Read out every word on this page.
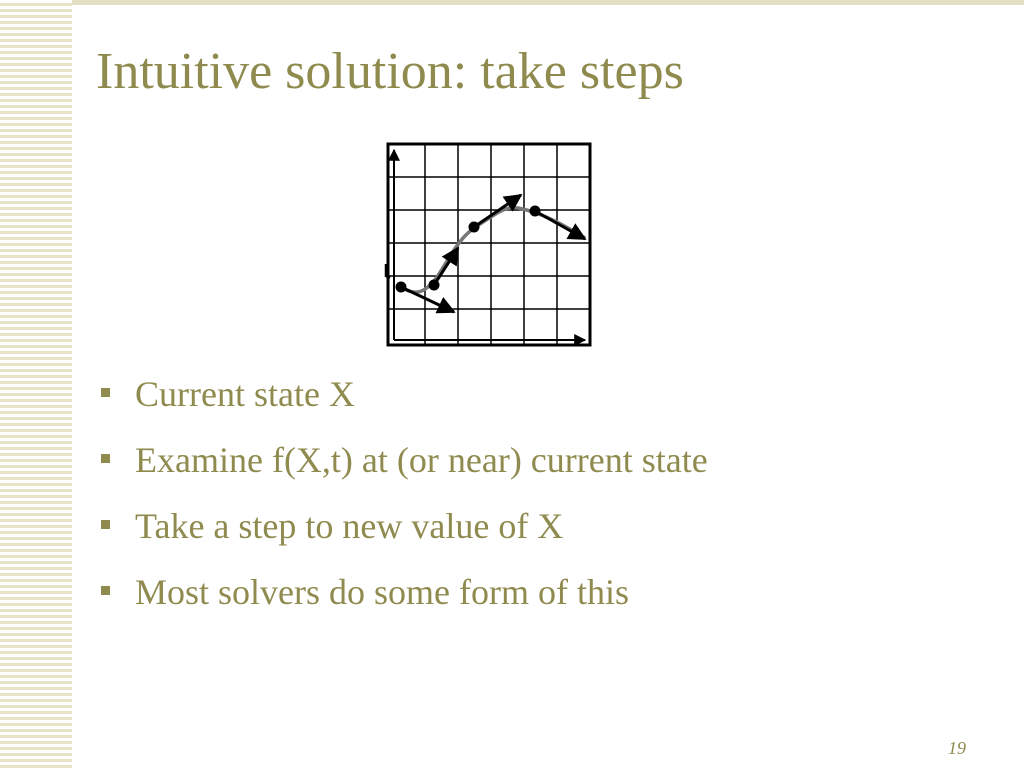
Intuitive solution: take steps
Current state X
Examine f(X,t) at (or near) current state
Take a step to new value of X
Most solvers do some form of this
19
